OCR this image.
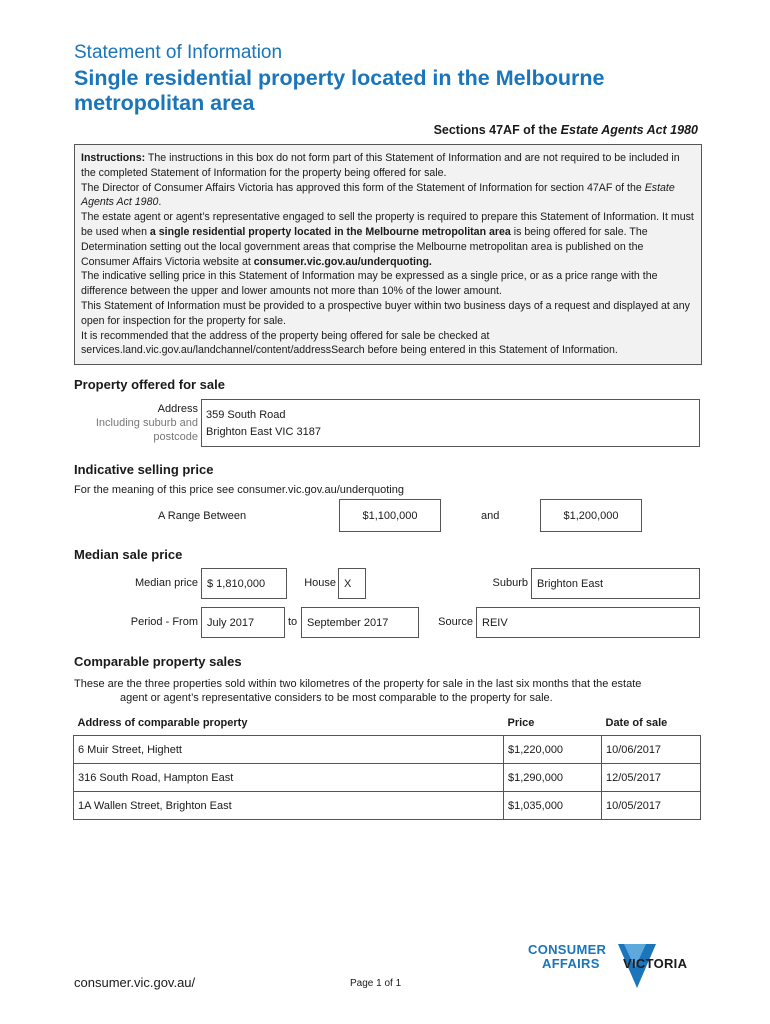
Statement of Information
Single residential property located in the Melbourne metropolitan area
Sections 47AF of the Estate Agents Act 1980

Instructions: The instructions in this box do not form part of this Statement of Information and are not required to be included in the completed Statement of Information for the property being offered for sale.

The Director of Consumer Affairs Victoria has approved this form of the Statement of Information for section 47AF of the Estate Agents Act 1980.

The estate agent or agent’s representative engaged to sell the property is required to prepare this Statement of Information. It must be used when a single residential property located in the Melbourne metropolitan area is being offered for sale. The Determination setting out the local government areas that comprise the Melbourne metropolitan area is published on the Consumer Affairs Victoria website at consumer.vic.gov.au/underquoting.

The indicative selling price in this Statement of Information may be expressed as a single price, or as a price range with the difference between the upper and lower amounts not more than 10% of the lower amount.

This Statement of Information must be provided to a prospective buyer within two business days of a request and displayed at any open for inspection for the property for sale.

It is recommended that the address of the property being offered for sale be checked at services.land.vic.gov.au/landchannel/content/addressSearch before being entered in this Statement of Information.

Property offered for sale
Address
Including suburb and
postcode
359 South Road
Brighton East VIC 3187
Indicative selling price
For the meaning of this price see consumer.vic.gov.au/underquoting
A Range Between	$1,100,000	and	$1,200,000
Median sale price
Median price $ 1,810,000	House X	Suburb Brighton East
Period - From July 2017	to September 2017	Source REIV
Comparable property sales
These are the three properties sold within two kilometres of the property for sale in the last six months that the estate
agent or agent’s representative considers to be most comparable to the property for sale.
Address of comparable property	Price	Date of sale
6 Muir Street, Highett	$1,220,000	10/06/2017
316 South Road, Hampton East	$1,290,000	12/05/2017
1A Wallen Street, Brighton East	$1,035,000	10/05/2017
consumer.vic.gov.au/	Page 1 of 1
CONSUMER
AFFAIRS VICTORIA
